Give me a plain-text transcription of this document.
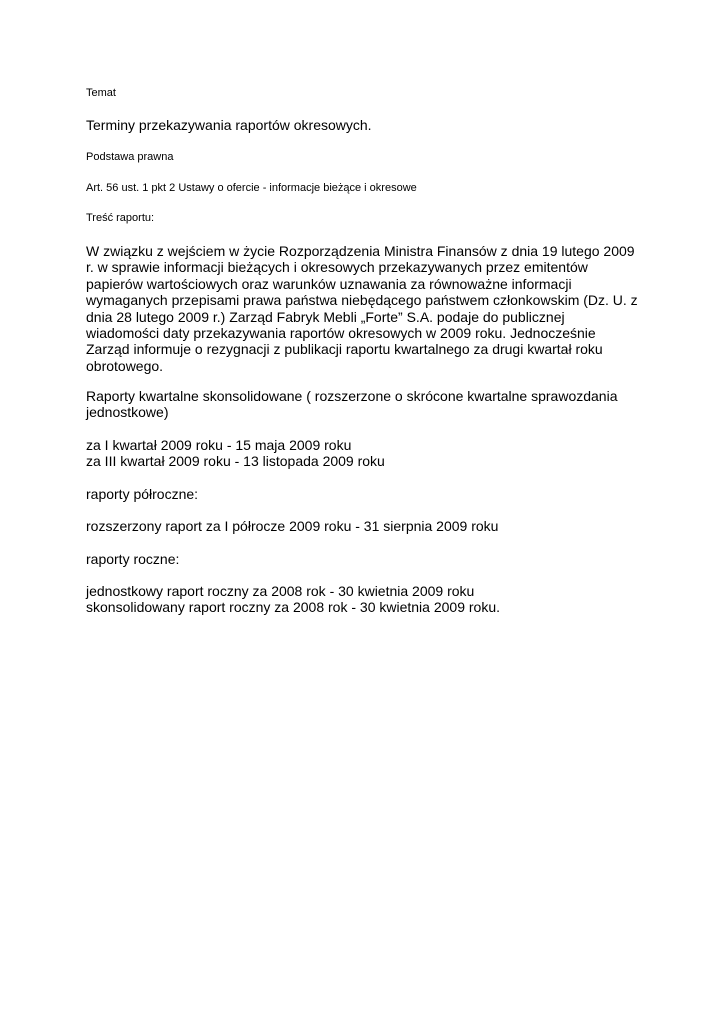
Temat
Terminy przekazywania raportów okresowych.
Podstawa prawna
Art. 56 ust. 1 pkt 2 Ustawy o ofercie - informacje bieżące i okresowe
Treść raportu:
W związku z wejściem w życie Rozporządzenia Ministra Finansów z dnia 19 lutego 2009
r. w sprawie informacji bieżących i okresowych przekazywanych przez emitentów
papierów wartościowych oraz warunków uznawania za równoważne informacji
wymaganych przepisami prawa państwa niebędącego państwem członkowskim (Dz. U. z
dnia 28 lutego 2009 r.) Zarząd Fabryk Mebli „Forte” S.A. podaje do publicznej
wiadomości daty przekazywania raportów okresowych w 2009 roku. Jednocześnie
Zarząd informuje o rezygnacji z publikacji raportu kwartalnego za drugi kwartał roku
obrotowego.
Raporty kwartalne skonsolidowane ( rozszerzone o skrócone kwartalne sprawozdania
jednostkowe)
za I kwartał 2009 roku - 15 maja 2009 roku
za III kwartał 2009 roku - 13 listopada 2009 roku
raporty półroczne:
rozszerzony raport za I półrocze 2009 roku - 31 sierpnia 2009 roku
raporty roczne:
jednostkowy raport roczny za 2008 rok - 30 kwietnia 2009 roku
skonsolidowany raport roczny za 2008 rok - 30 kwietnia 2009 roku.
